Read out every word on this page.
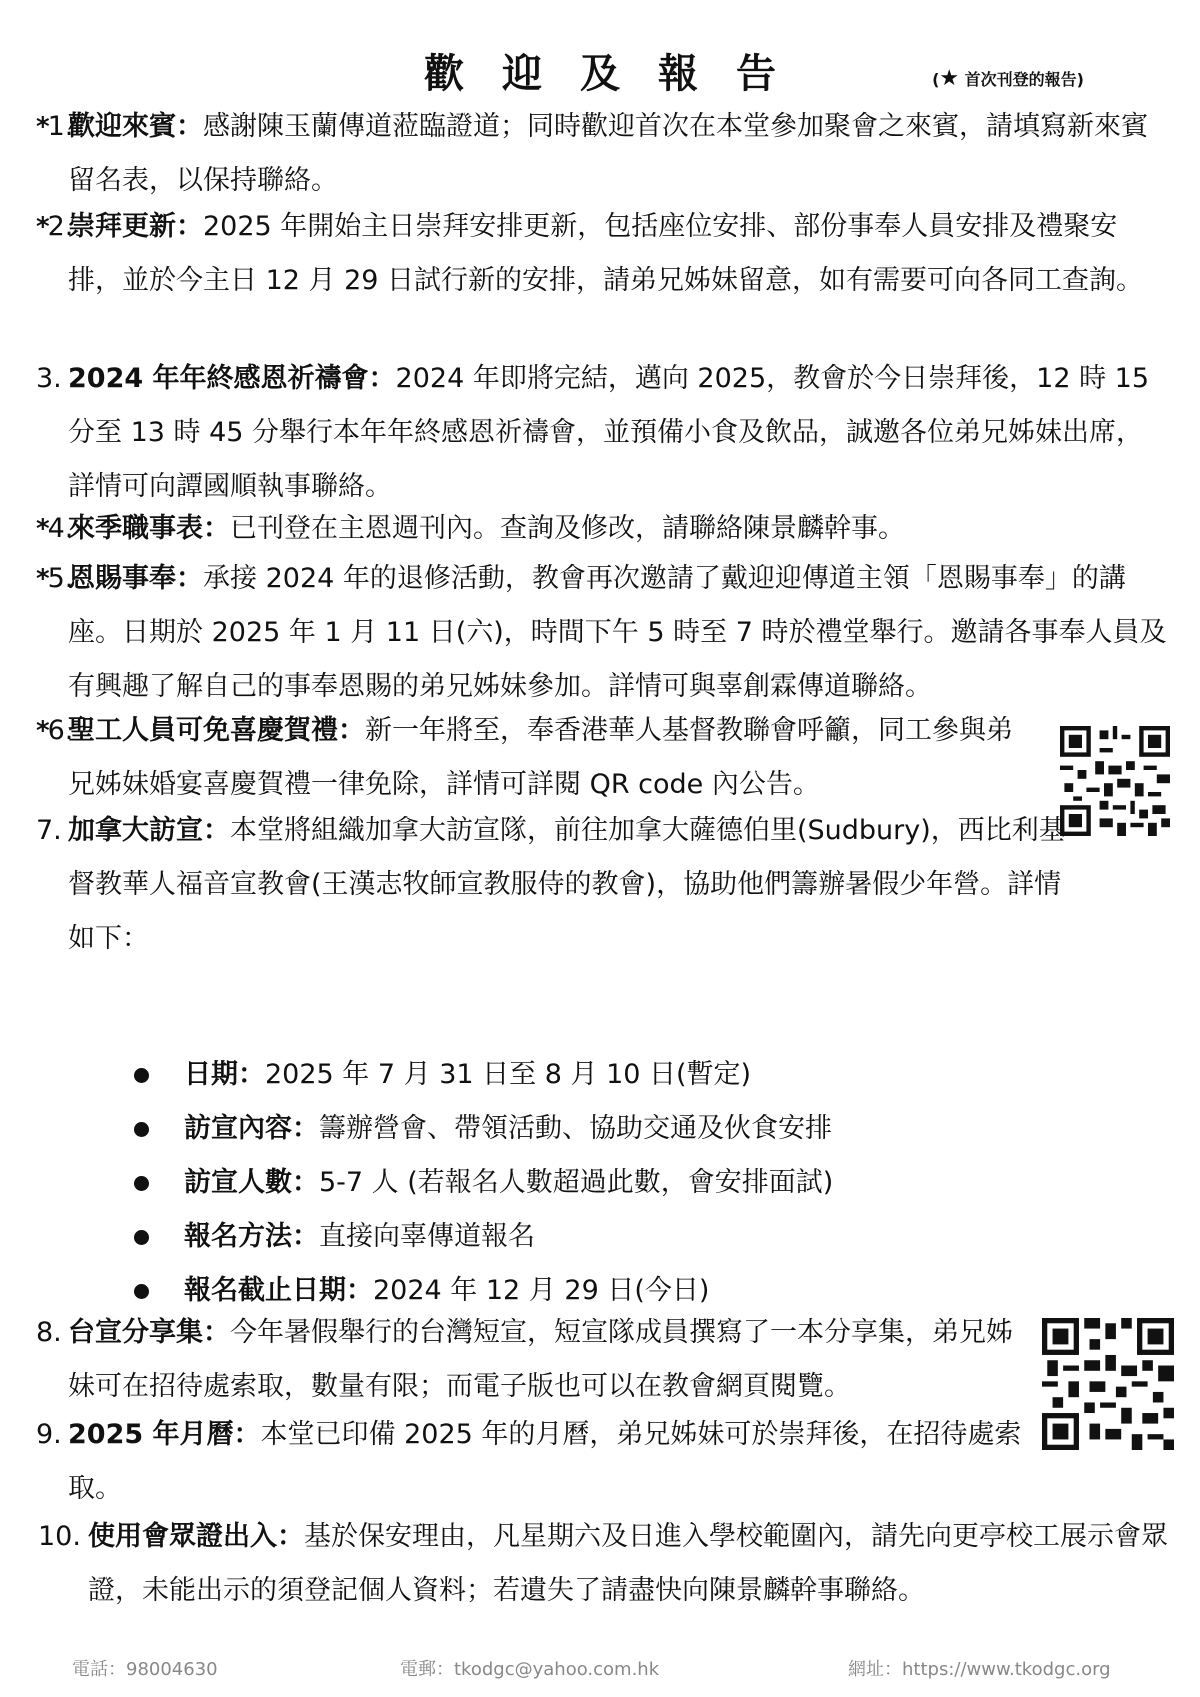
歡迎及報告	(★ 首次刊登的報告)
*1.

歡迎來賓：感謝陳玉蘭傳道蒞臨證道；同時歡迎首次在本堂參加聚會之來賓，請填寫新來賓留名表，以保持聯絡。

*2.

崇拜更新：2025 年開始主日崇拜安排更新，包括座位安排、部份事奉人員安排及禮聚安排，並於今主日 12 月 29 日試行新的安排，請弟兄姊妹留意，如有需要可向各同工查詢。

3. 2024 年年終感恩祈禱會：2024 年即將完結，邁向 2025，教會於今日崇拜後，12 時 15 分至 13 時 45 分舉行本年年終感恩祈禱會，並預備小食及飲品，誠邀各位弟兄姊妹出席，詳情可向譚國順執事聯絡。

*4.

來季職事表：已刊登在主恩週刊內。查詢及修改，請聯絡陳景麟幹事。

*5.

恩賜事奉：承接 2024 年的退修活動，教會再次邀請了戴迎迎傳道主領「恩賜事奉」的講座。日期於 2025 年 1 月 11 日(六)，時間下午 5 時至 7 時於禮堂舉行。邀請各事奉人員及有興趣了解自己的事奉恩賜的弟兄姊妹參加。詳情可與辜創霖傳道聯絡。

*6.

聖工人員可免喜慶賀禮：新一年將至，奉香港華人基督教聯會呼籲，同工參與弟兄姊妹婚宴喜慶賀禮一律免除，詳情可詳閱 QR code 內公告。

7. 加拿大訪宣：本堂將組織加拿大訪宣隊，前往加拿大薩德伯里(Sudbury)，西比利基督教華人福音宣教會(王漢志牧師宣教服侍的教會)，協助他們籌辦暑假少年營。詳情如下：

日期：2025 年 7 月 31 日至 8 月 10 日(暫定)
訪宣內容：籌辦營會、帶領活動、協助交通及伙食安排
訪宣人數：5-7 人 (若報名人數超過此數，會安排面試)
報名方法：直接向辜傳道報名
報名截止日期：2024 年 12 月 29 日(今日)
8. 台宣分享集：今年暑假舉行的台灣短宣，短宣隊成員撰寫了一本分享集，弟兄姊妹可在招待處索取，數量有限；而電子版也可以在教會網頁閱覽。

9. 2025 年月曆：本堂已印備 2025 年的月曆，弟兄姊妹可於崇拜後，在招待處索取。

10. 使用會眾證出入：基於保安理由，凡星期六及日進入學校範圍內，請先向更亭校工展示會眾證，未能出示的須登記個人資料；若遺失了請盡快向陳景麟幹事聯絡。

電話：98004630	電郵：tkodgc@yahoo.com.hk	網址：https://www.tkodgc.org
